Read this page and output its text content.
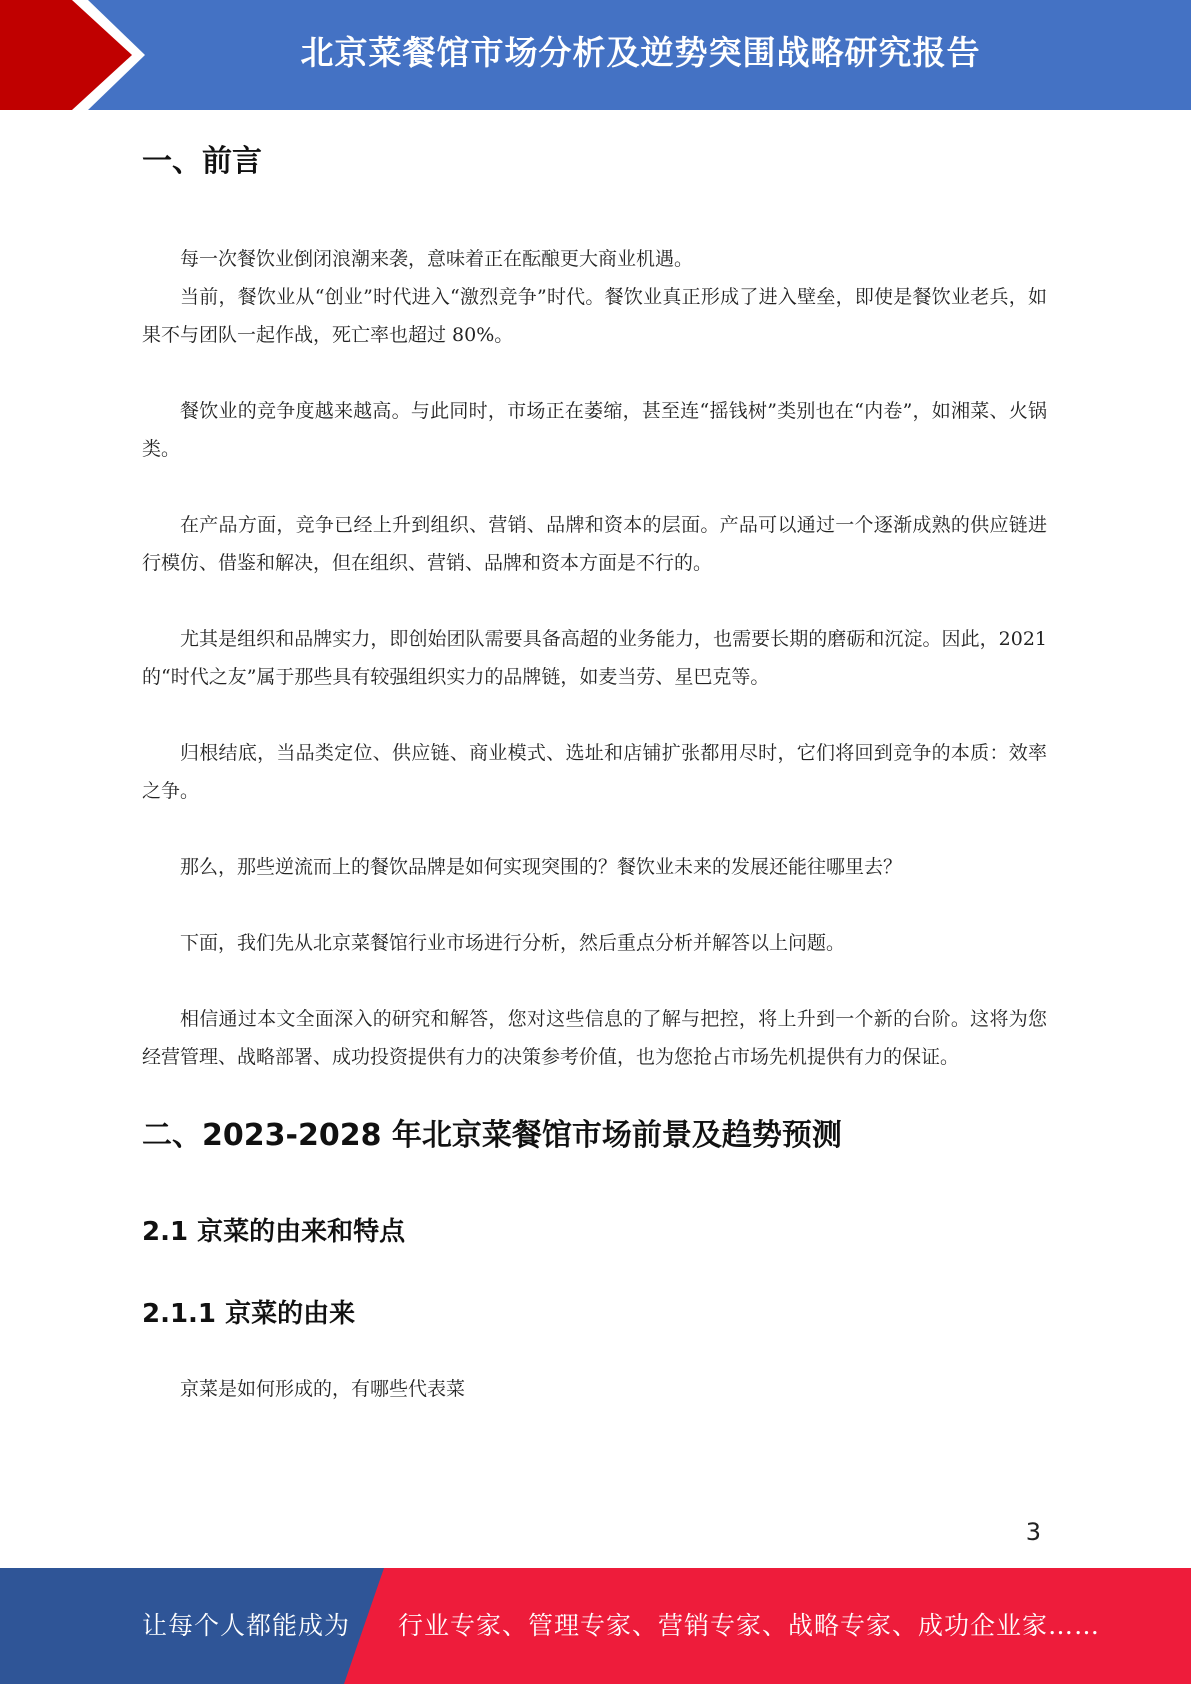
北京菜餐馆市场分析及逆势突围战略研究报告
一、前言

每一次餐饮业倒闭浪潮来袭，意味着正在酝酿更大商业机遇。

当前，餐饮业从“创业”时代进入“激烈竞争”时代。餐饮业真正形成了进入壁垒，即使是餐饮业老兵，如果不与团队一起作战，死亡率也超过 80%。

餐饮业的竞争度越来越高。与此同时，市场正在萎缩，甚至连“摇钱树”类别也在“内卷”，如湘菜、火锅类。

在产品方面，竞争已经上升到组织、营销、品牌和资本的层面。产品可以通过一个逐渐成熟的供应链进行模仿、借鉴和解决，但在组织、营销、品牌和资本方面是不行的。

尤其是组织和品牌实力，即创始团队需要具备高超的业务能力，也需要长期的磨砺和沉淀。因此，2021 的“时代之友”属于那些具有较强组织实力的品牌链，如麦当劳、星巴克等。

归根结底，当品类定位、供应链、商业模式、选址和店铺扩张都用尽时，它们将回到竞争的本质：效率之争。

那么，那些逆流而上的餐饮品牌是如何实现突围的？餐饮业未来的发展还能往哪里去？

下面，我们先从北京菜餐馆行业市场进行分析，然后重点分析并解答以上问题。

相信通过本文全面深入的研究和解答，您对这些信息的了解与把控，将上升到一个新的台阶。这将为您经营管理、战略部署、成功投资提供有力的决策参考价值，也为您抢占市场先机提供有力的保证。

二、2023-2028 年北京菜餐馆市场前景及趋势预测
2.1 京菜的由来和特点
2.1.1 京菜的由来

京菜是如何形成的，有哪些代表菜

3
让每个人都能成为 行业专家、管理专家、营销专家、战略专家、成功企业家……
